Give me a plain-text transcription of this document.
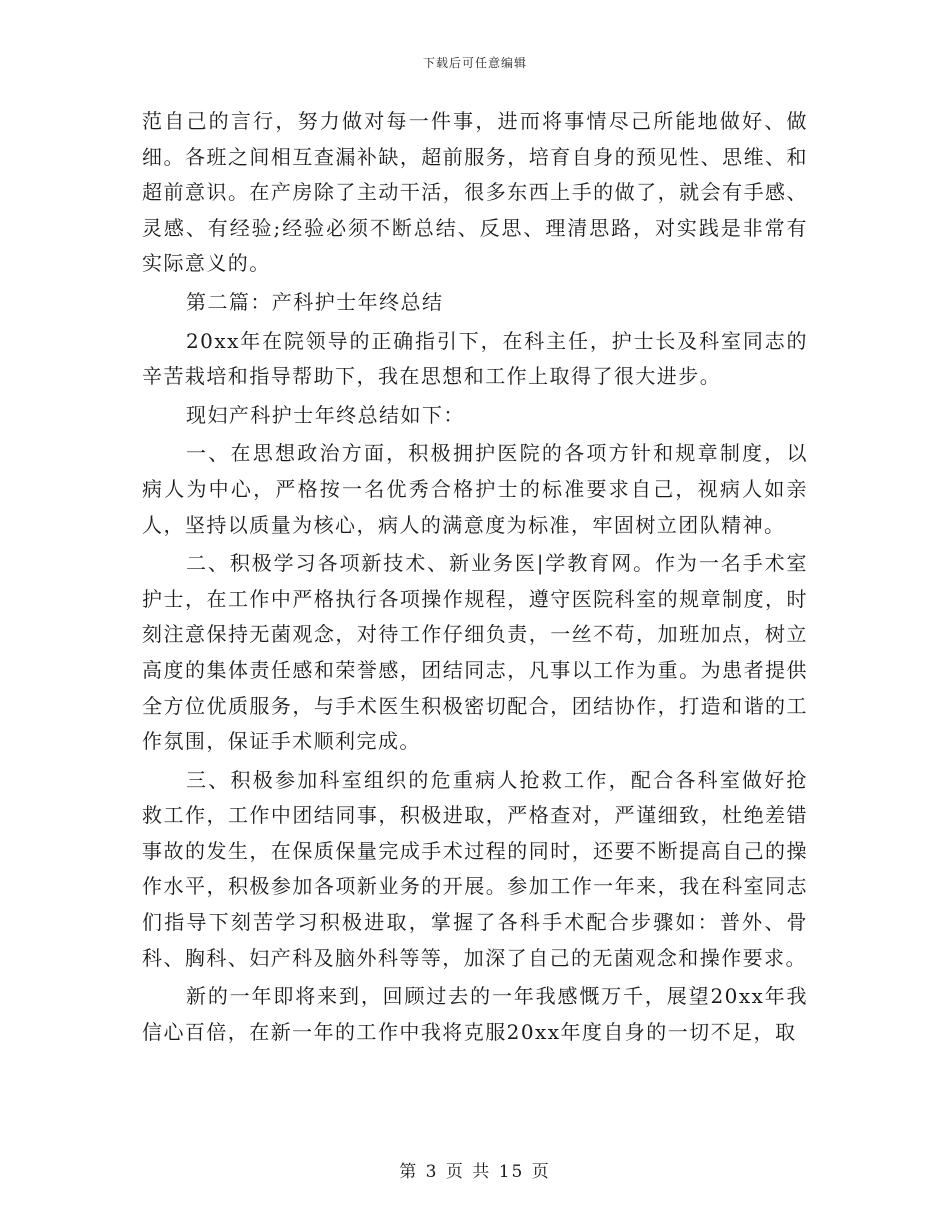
下载后可任意编辑

范自己的言行，努力做对每一件事，进而将事情尽己所能地做好、做细。各班之间相互查漏补缺，超前服务，培育自身的预见性、思维、和超前意识。在产房除了主动干活，很多东西上手的做了，就会有手感、灵感、有经验;经验必须不断总结、反思、理清思路，对实践是非常有实际意义的。

第二篇：产科护士年终总结

20xx年在院领导的正确指引下，在科主任，护士长及科室同志的辛苦栽培和指导帮助下，我在思想和工作上取得了很大进步。

现妇产科护士年终总结如下：

一、在思想政治方面，积极拥护医院的各项方针和规章制度，以病人为中心，严格按一名优秀合格护士的标准要求自己，视病人如亲人，坚持以质量为核心，病人的满意度为标准，牢固树立团队精神。

二、积极学习各项新技术、新业务医|学教育网。作为一名手术室护士，在工作中严格执行各项操作规程，遵守医院科室的规章制度，时刻注意保持无菌观念，对待工作仔细负责，一丝不苟，加班加点，树立高度的集体责任感和荣誉感，团结同志，凡事以工作为重。为患者提供全方位优质服务，与手术医生积极密切配合，团结协作，打造和谐的工作氛围，保证手术顺利完成。

三、积极参加科室组织的危重病人抢救工作，配合各科室做好抢救工作，工作中团结同事，积极进取，严格查对，严谨细致，杜绝差错事故的发生，在保质保量完成手术过程的同时，还要不断提高自己的操作水平，积极参加各项新业务的开展。参加工作一年来，我在科室同志们指导下刻苦学习积极进取，掌握了各科手术配合步骤如：普外、骨科、胸科、妇产科及脑外科等等，加深了自己的无菌观念和操作要求。

新的一年即将来到，回顾过去的一年我感慨万千，展望20xx年我信心百倍，在新一年的工作中我将克服20xx年度自身的一切不足，取

第 3 页 共 15 页
